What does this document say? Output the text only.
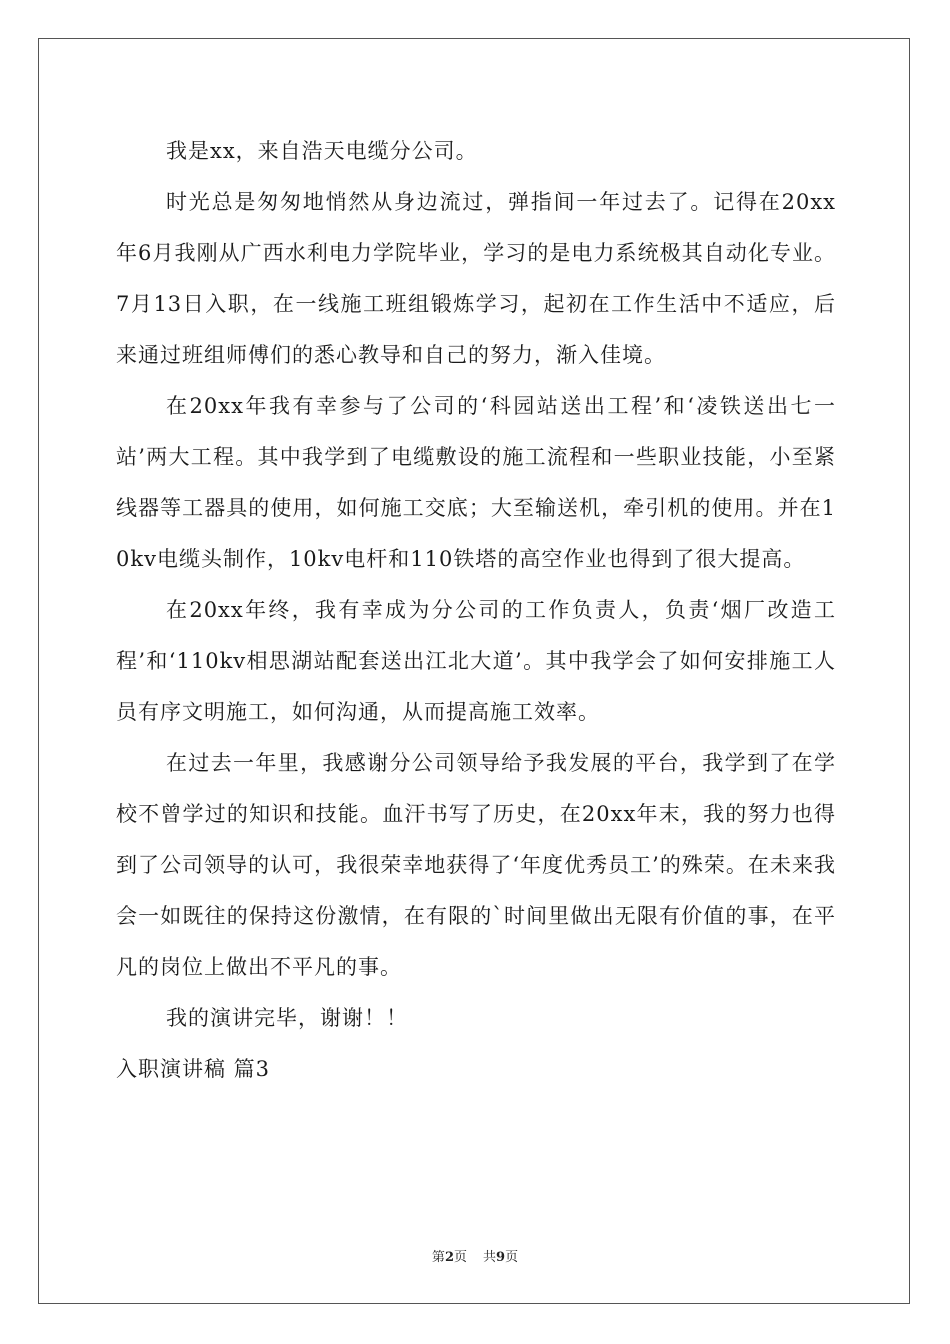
我是xx，来自浩天电缆分公司。

时光总是匆匆地悄然从身边流过，弹指间一年过去了。记得在20xx年6月我刚从广西水利电力学院毕业，学习的是电力系统极其自动化专业。7月13日入职，在一线施工班组锻炼学习，起初在工作生活中不适应，后来通过班组师傅们的悉心教导和自己的努力，渐入佳境。

在20xx年我有幸参与了公司的‘科园站送出工程’和‘凌铁送出七一站’两大工程。其中我学到了电缆敷设的施工流程和一些职业技能，小至紧线器等工器具的使用，如何施工交底；大至输送机，牵引机的使用。并在10kv电缆头制作，10kv电杆和110铁塔的高空作业也得到了很大提高。

在20xx年终，我有幸成为分公司的工作负责人，负责‘烟厂改造工程’和‘110kv相思湖站配套送出江北大道’。其中我学会了如何安排施工人员有序文明施工，如何沟通，从而提高施工效率。

在过去一年里，我感谢分公司领导给予我发展的平台，我学到了在学校不曾学过的知识和技能。血汗书写了历史，在20xx年末，我的努力也得到了公司领导的认可，我很荣幸地获得了‘年度优秀员工’的殊荣。在未来我会一如既往的保持这份激情，在有限的`时间里做出无限有价值的事，在平凡的岗位上做出不平凡的事。

我的演讲完毕，谢谢！！

入职演讲稿 篇3

第2页 共9页
